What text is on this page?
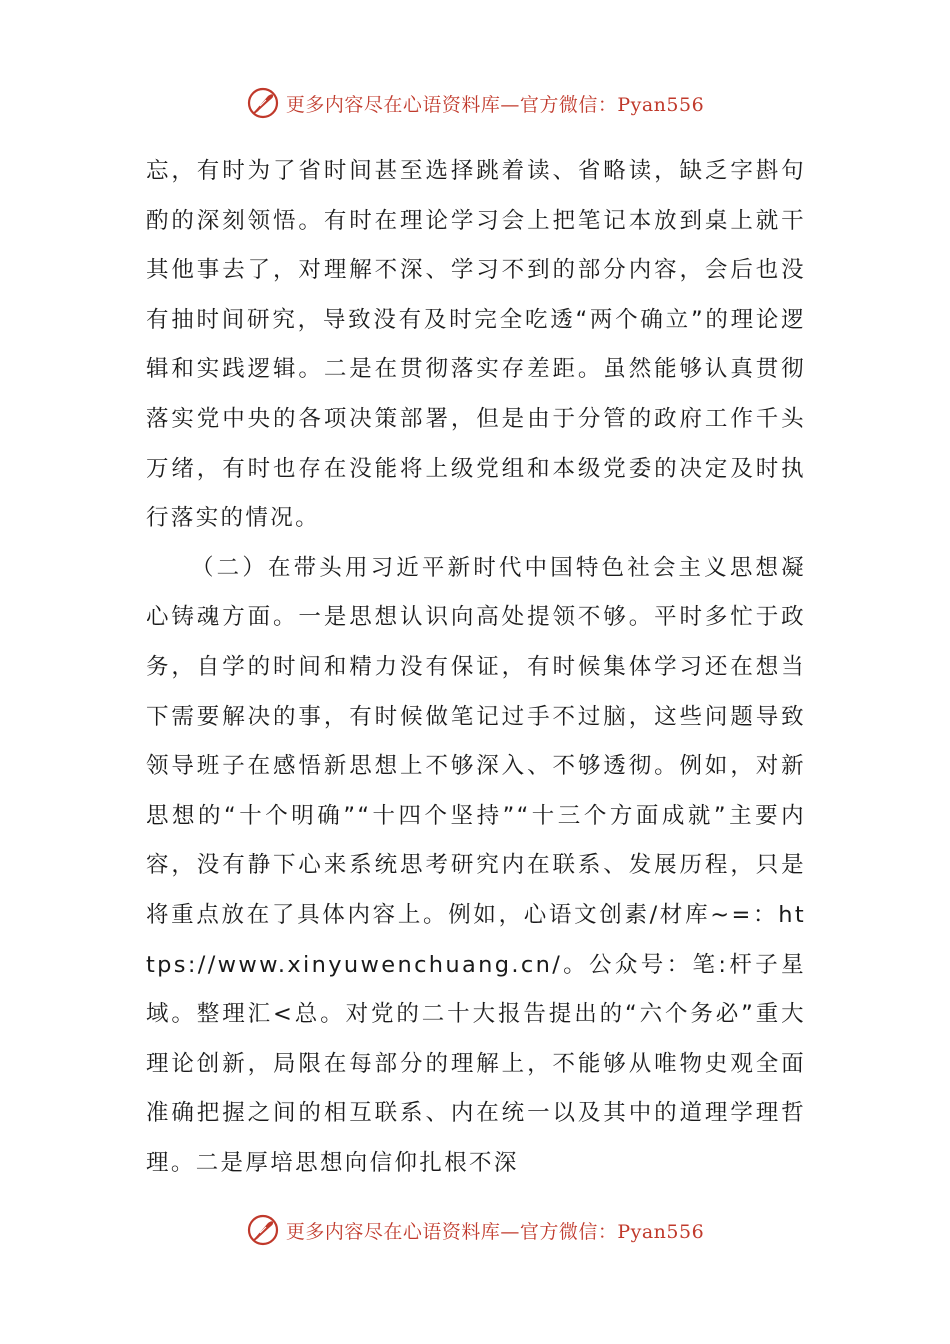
更多内容尽在心语资料库—官方微信：Pyan556

忘，有时为了省时间甚至选择跳着读、省略读，缺乏字斟句酌的深刻领悟。有时在理论学习会上把笔记本放到桌上就干其他事去了，对理解不深、学习不到的部分内容，会后也没有抽时间研究，导致没有及时完全吃透“两个确立”的理论逻辑和实践逻辑。二是在贯彻落实存差距。虽然能够认真贯彻落实党中央的各项决策部署，但是由于分管的政府工作千头万绪，有时也存在没能将上级党组和本级党委的决定及时执行落实的情况。

（二）在带头用习近平新时代中国特色社会主义思想凝心铸魂方面。一是思想认识向高处提领不够。平时多忙于政务，自学的时间和精力没有保证，有时候集体学习还在想当下需要解决的事，有时候做笔记过手不过脑，这些问题导致领导班子在感悟新思想上不够深入、不够透彻。例如，对新思想的“十个明确”“十四个坚持”“十三个方面成就”主要内容，没有静下心来系统思考研究内在联系、发展历程，只是将重点放在了具体内容上。例如，心语文创素/材库~=：https://www.xinyuwenchuang.cn/。公众号：笔:杆子星域。整理汇<总。对党的二十大报告提出的“六个务必”重大理论创新，局限在每部分的理解上，不能够从唯物史观全面准确把握之间的相互联系、内在统一以及其中的道理学理哲理。二是厚培思想向信仰扎根不深

更多内容尽在心语资料库—官方微信：Pyan556
